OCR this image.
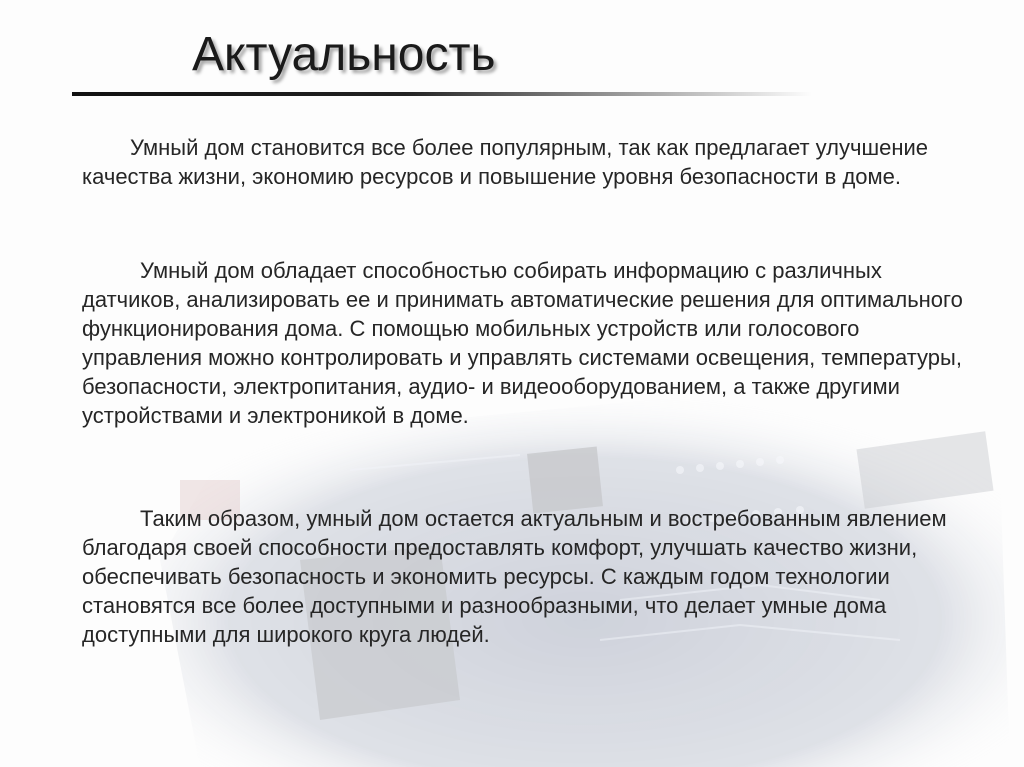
Актуальность

Умный дом становится все более популярным, так как предлагает улучшение качества жизни, экономию ресурсов и повышение уровня безопасности в доме.

Умный дом обладает способностью собирать информацию с различных датчиков, анализировать ее и принимать автоматические решения для оптимального функционирования дома. С помощью мобильных устройств или голосового управления можно контролировать и управлять системами освещения, температуры, безопасности, электропитания, аудио- и видеооборудованием, а также другими устройствами и электроникой в доме.

Таким образом, умный дом остается актуальным и востребованным явлением благодаря своей способности предоставлять комфорт, улучшать качество жизни, обеспечивать безопасность и экономить ресурсы. С каждым годом технологии становятся все более доступными и разнообразными, что делает умные дома доступными для широкого круга людей.
